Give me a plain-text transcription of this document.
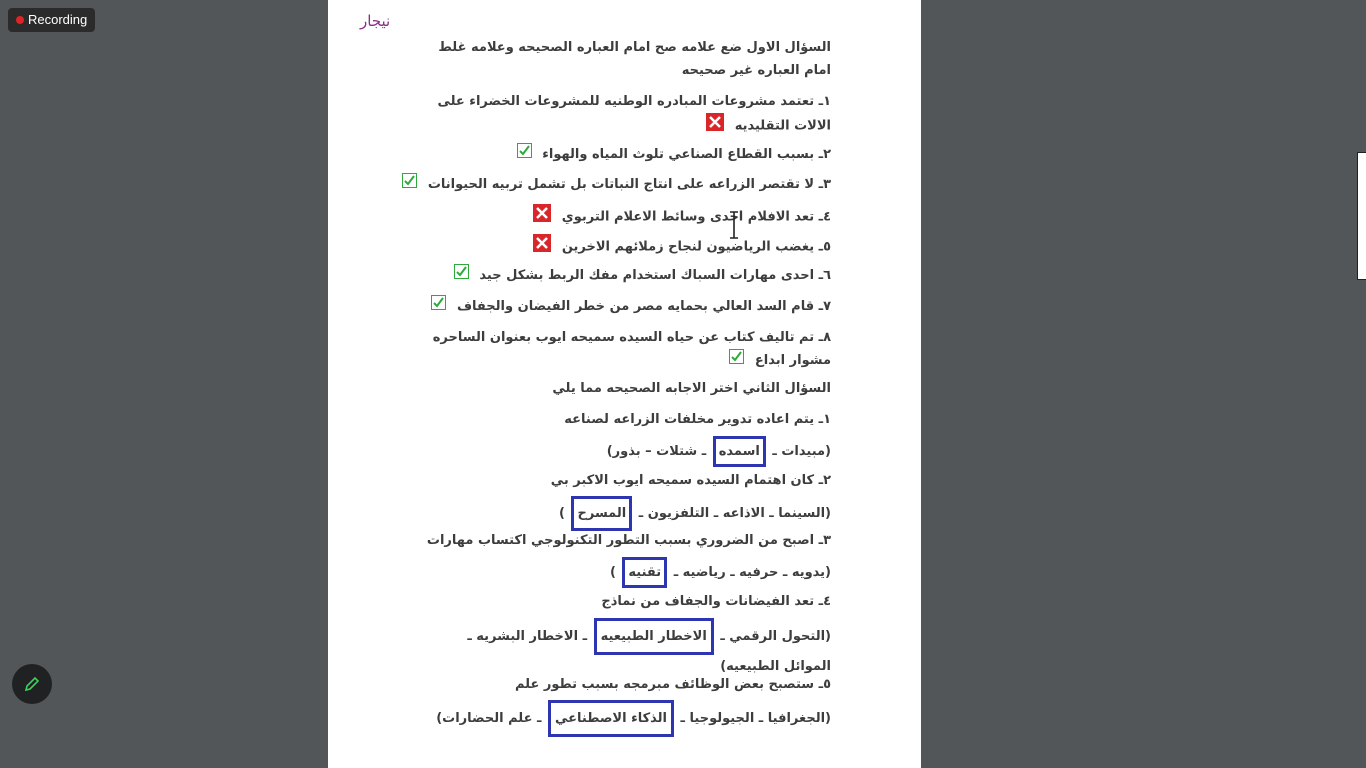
Recording	نيجار
السؤال الاول ضع علامه صح امام العباره الصحيحه وعلامه غلط امام العباره غير صحيحه
١ـ تعتمد مشروعات المبادره الوطنيه للمشروعات الخضراء على الالات التقليديه
٢ـ بسبب القطاع الصناعي تلوث المياه والهواء
٣ـ لا تقتصر الزراعه على انتاج النباتات بل تشمل تربيه الحيوانات
٤ـ تعد الافلام احدى وسائط الاعلام التربوي
٥ـ يغضب الرياضيون لنجاح زملائهم الاخرين
٦ـ احدى مهارات السباك استخدام مفك الربط بشكل جيد
٧ـ قام السد العالي بحمايه مصر من خطر الفيضان والجفاف
٨ـ تم تاليف كتاب عن حياه السيده سميحه ايوب بعنوان الساحره مشوار ابداع
السؤال الثاني اختر الاجابه الصحيحه مما يلي
١ـ يتم اعاده تدوير مخلفات الزراعه لصناعه
(مبيدات ـ اسمده ـ شتلات – بذور)
٢ـ كان اهتمام السيده سميحه ايوب الاكبر بي
(السينما ـ الاذاعه ـ التلفزيون ـ المسرح )
٣ـ اصبح من الضروري بسبب التطور التكنولوجي اكتساب مهارات
(يدويه ـ حرفيه ـ رياضيه ـ تقنيه )
٤ـ تعد الفيضانات والجفاف من نماذج
(التحول الرقمي ـ الاخطار الطبيعيه ـ الاخطار البشريه ـ الموائل الطبيعيه)
٥ـ ستصبح بعض الوظائف مبرمجه بسبب تطور علم
(الجغرافيا ـ الجيولوجيا ـ الذكاء الاصطناعي ـ علم الحضارات)
